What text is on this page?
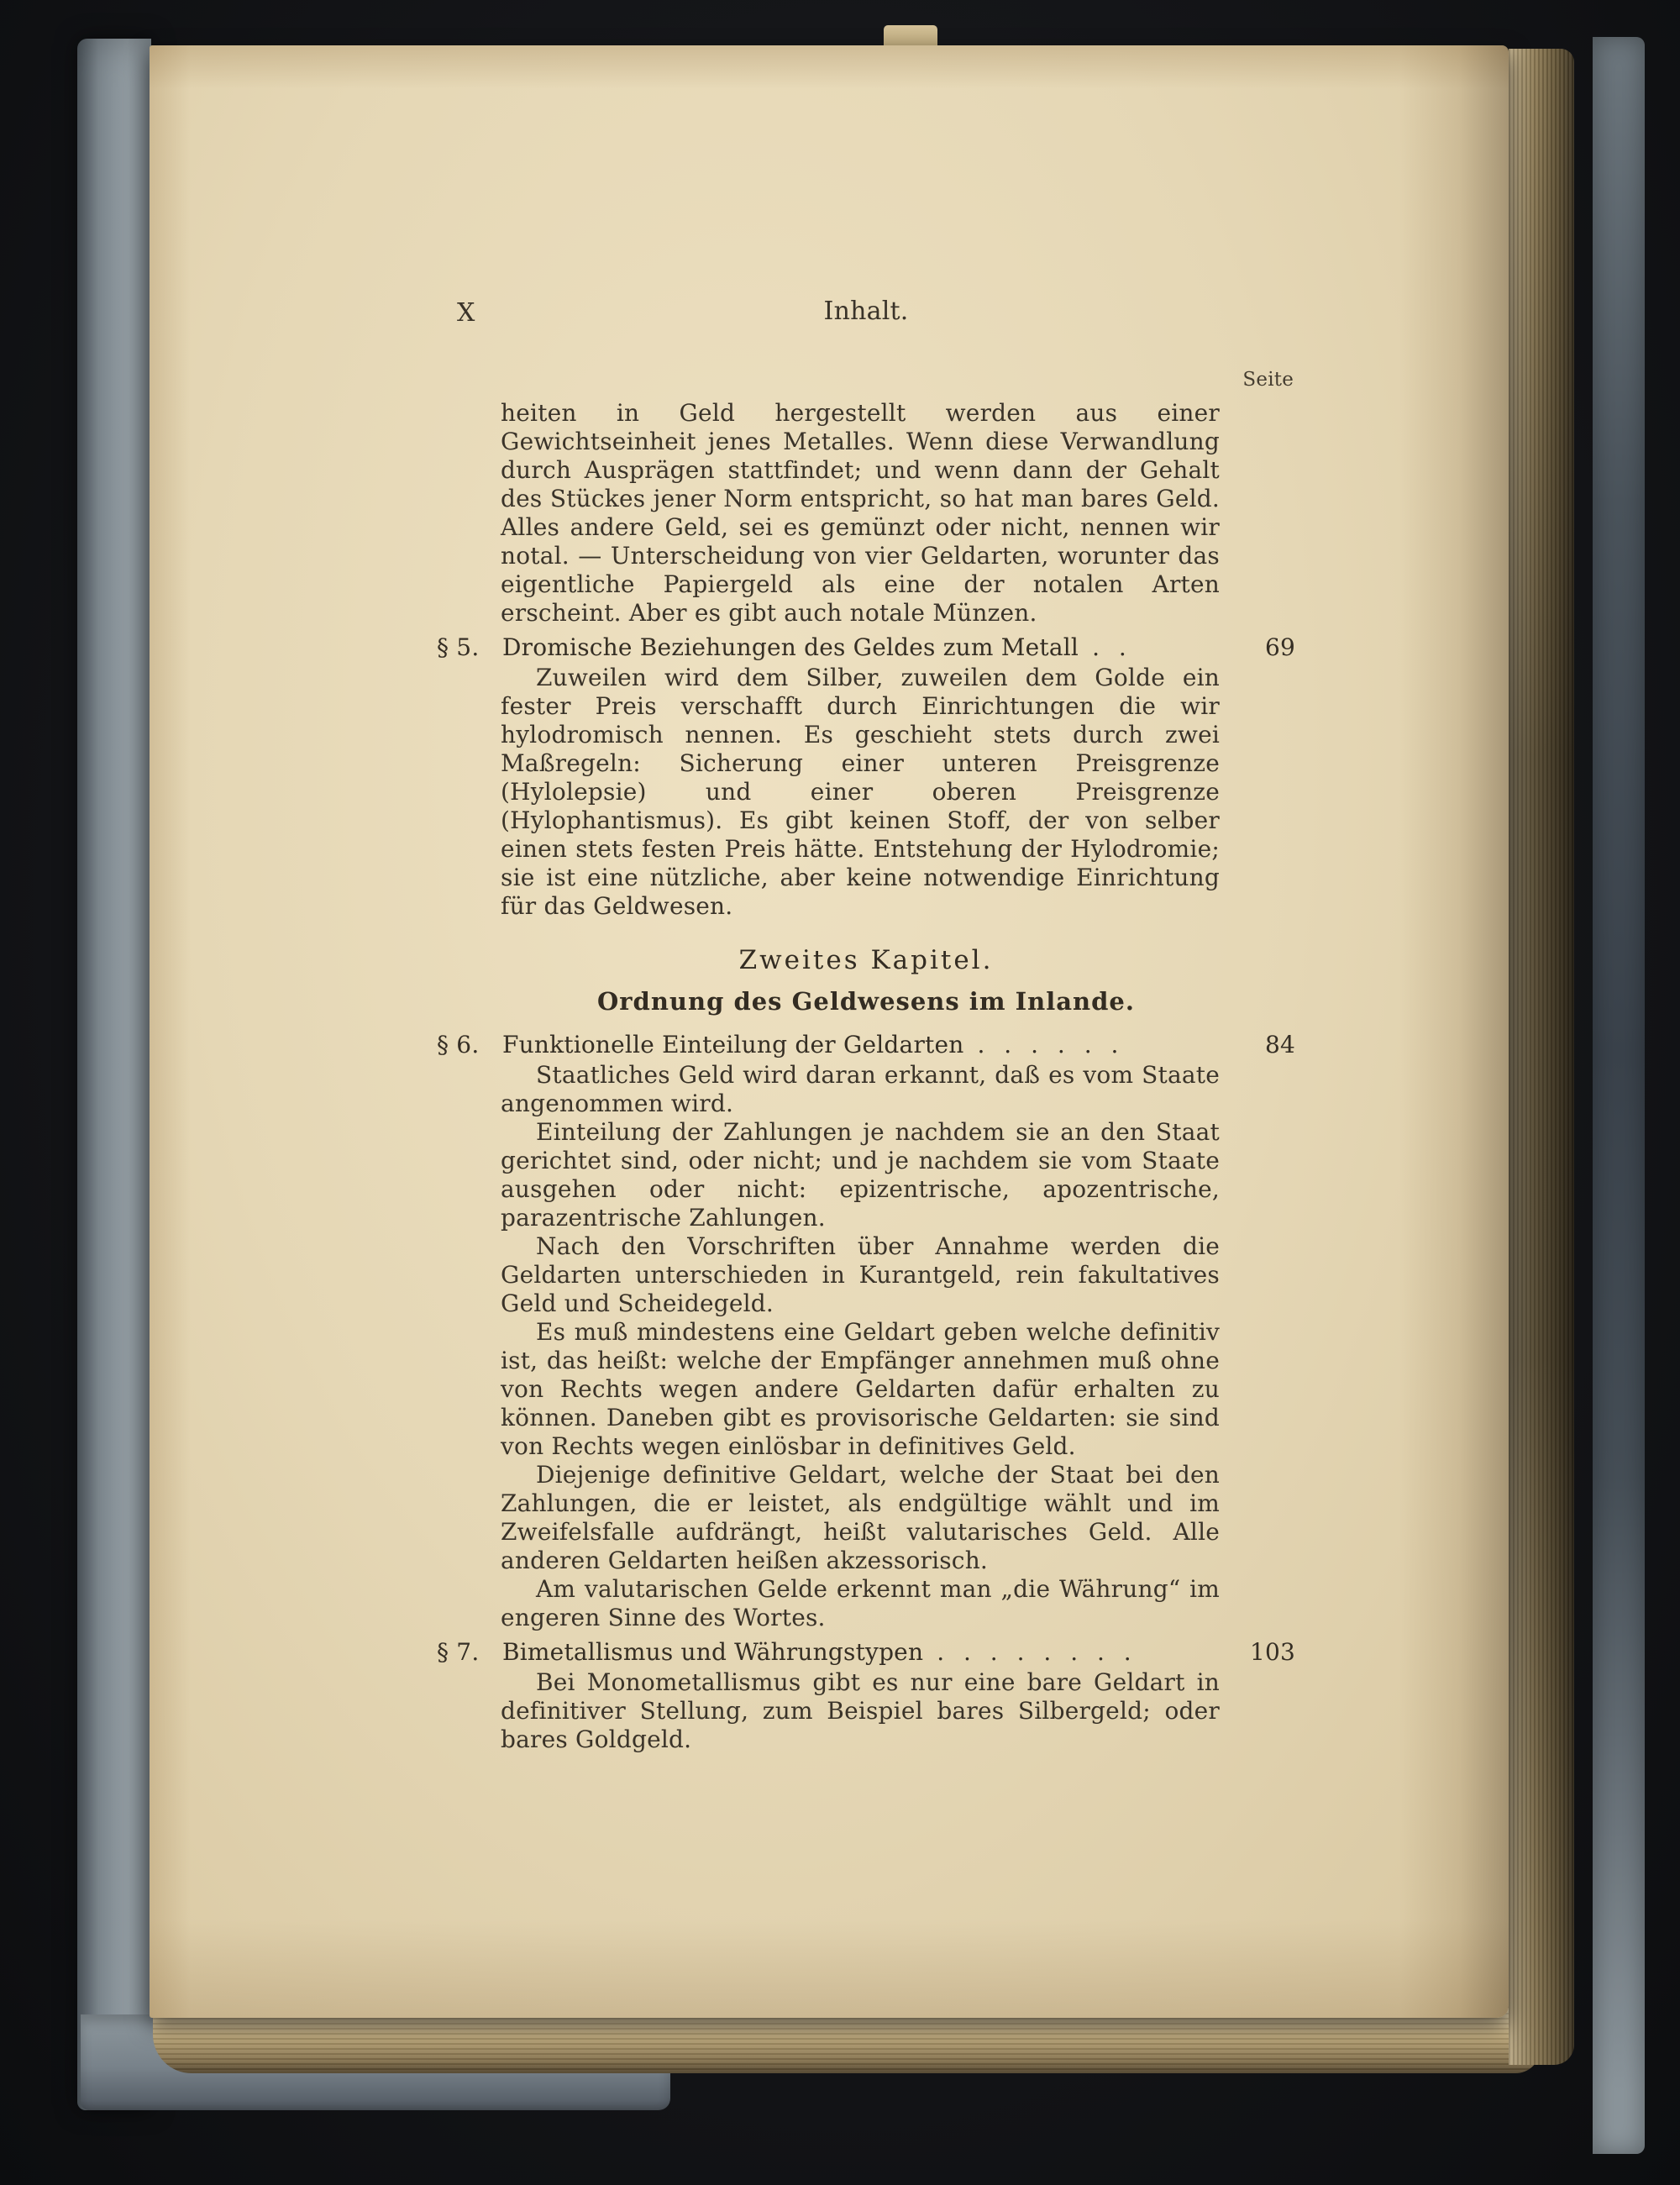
X	Inhalt.
Seite

heiten in Geld hergestellt werden aus einer Gewichtseinheit jenes Metalles. Wenn diese Verwandlung durch Ausprägen stattfindet; und wenn dann der Gehalt des Stückes jener Norm entspricht, so hat man bares Geld. Alles andere Geld, sei es gemünzt oder nicht, nennen wir notal. — Unterscheidung von vier Geldarten, worunter das eigentliche Papiergeld als eine der notalen Arten erscheint. Aber es gibt auch notale Münzen.

§ 5. Dromische Beziehungen des Geldes zum Metall . .	69

Zuweilen wird dem Silber, zuweilen dem Golde ein fester Preis verschafft durch Einrichtungen die wir hylodromisch nennen. Es geschieht stets durch zwei Maßregeln: Sicherung einer unteren Preisgrenze (Hylolepsie) und einer oberen Preisgrenze (Hylophantismus). Es gibt keinen Stoff, der von selber einen stets festen Preis hätte. Entstehung der Hylodromie; sie ist eine nützliche, aber keine notwendige Einrichtung für das Geldwesen.

Zweites Kapitel.
Ordnung des Geldwesens im Inlande.
§ 6. Funktionelle Einteilung der Geldarten . . . . . .	84

Staatliches Geld wird daran erkannt, daß es vom Staate angenommen wird.

Einteilung der Zahlungen je nachdem sie an den Staat gerichtet sind, oder nicht; und je nachdem sie vom Staate ausgehen oder nicht: epizentrische, apozentrische, parazentrische Zahlungen.

Nach den Vorschriften über Annahme werden die Geldarten unterschieden in Kurantgeld, rein fakultatives Geld und Scheidegeld.

Es muß mindestens eine Geldart geben welche definitiv ist, das heißt: welche der Empfänger annehmen muß ohne von Rechts wegen andere Geldarten dafür erhalten zu können. Daneben gibt es provisorische Geldarten: sie sind von Rechts wegen einlösbar in definitives Geld.

Diejenige definitive Geldart, welche der Staat bei den Zahlungen, die er leistet, als endgültige wählt und im Zweifelsfalle aufdrängt, heißt valutarisches Geld. Alle anderen Geldarten heißen akzessorisch.

Am valutarischen Gelde erkennt man „die Währung“ im engeren Sinne des Wortes.

§ 7. Bimetallismus und Währungstypen . . . . . . . .	103

Bei Monometallismus gibt es nur eine bare Geldart in definitiver Stellung, zum Beispiel bares Silbergeld; oder bares Goldgeld.
